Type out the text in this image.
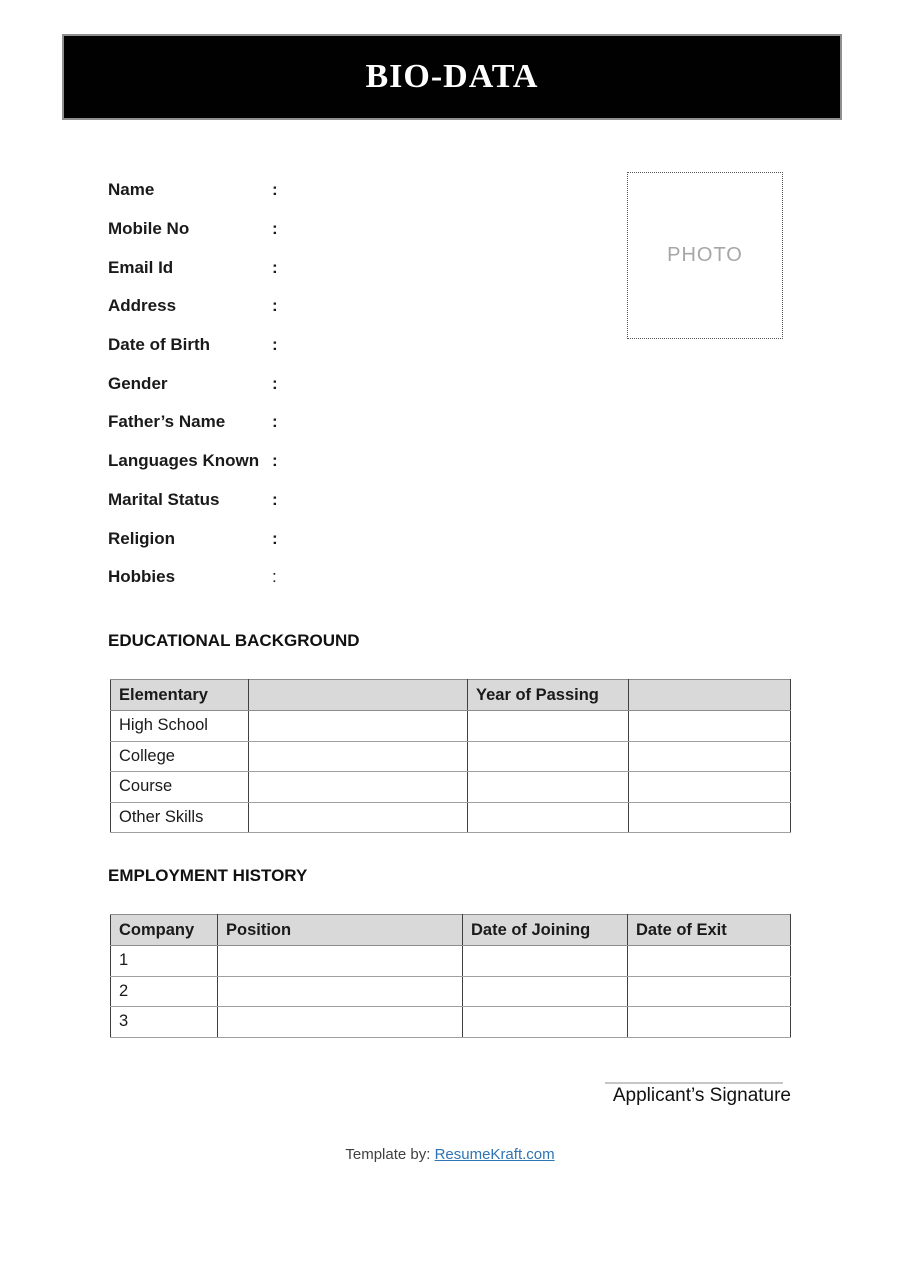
BIO-DATA
Name	:
Mobile No	:
Email Id	:
Address	:
Date of Birth	:
Gender	:
Father’s Name	:
Languages Known :
Marital Status	:
Religion	:
Hobbies	:
PHOTO
EDUCATIONAL BACKGROUND
Elementary		Year of Passing	
High School			
College			
Course			
Other Skills			
EMPLOYMENT HISTORY
Company	Position	Date of Joining	Date of Exit
1			
2			
3			
Applicant’s Signature
Template by: ResumeKraft.com
